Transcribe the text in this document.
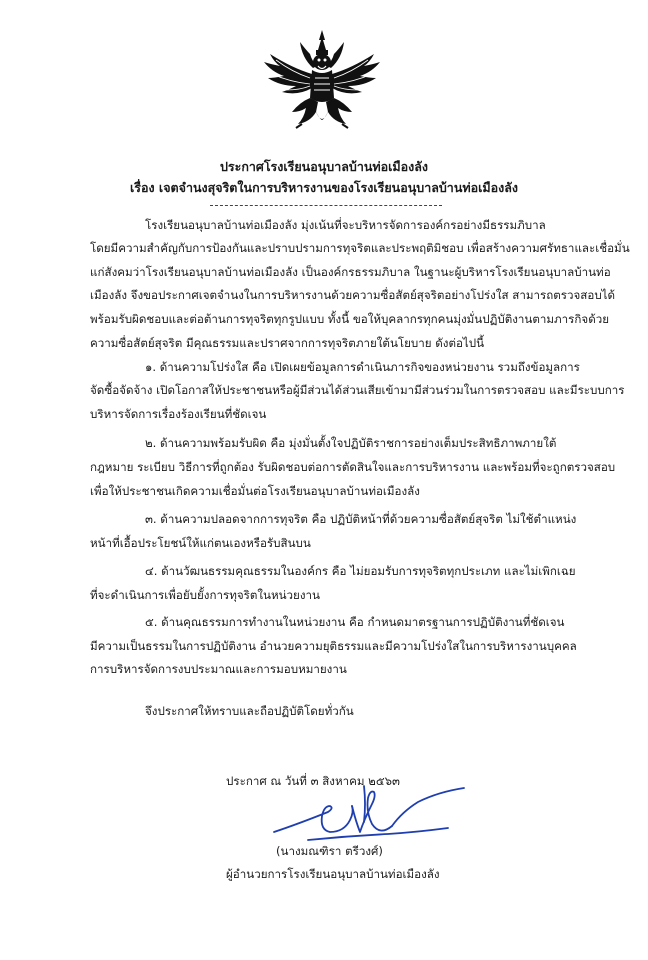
ประกาศโรงเรียนอนุบาลบ้านท่อเมืองลัง
เรื่อง เจตจำนงสุจริตในการบริหารงานของโรงเรียนอนุบาลบ้านท่อเมืองลัง
โรงเรียนอนุบาลบ้านท่อเมืองลัง มุ่งเน้นที่จะบริหารจัดการองค์กรอย่างมีธรรมภิบาล
โดยมีความสำคัญกับการป้องกันและปราบปรามการทุจริตและประพฤติมิชอบ เพื่อสร้างความศรัทธาและเชื่อมั่น
แก่สังคมว่าโรงเรียนอนุบาลบ้านท่อเมืองลัง เป็นองค์กรธรรมภิบาล ในฐานะผู้บริหารโรงเรียนอนุบาลบ้านท่อ
เมืองลัง จึงขอประกาศเจตจำนงในการบริหารงานด้วยความซื่อสัตย์สุจริตอย่างโปร่งใส สามารถตรวจสอบได้
พร้อมรับผิดชอบและต่อต้านการทุจริตทุกรูปแบบ ทั้งนี้ ขอให้บุคลากรทุกคนมุ่งมั่นปฏิบัติงานตามภารกิจด้วย
ความซื่อสัตย์สุจริต มีคุณธรรมและปราศจากการทุจริตภายใต้นโยบาย ดังต่อไปนี้
๑. ด้านความโปร่งใส คือ เปิดเผยข้อมูลการดำเนินภารกิจของหน่วยงาน รวมถึงข้อมูลการ
จัดซื้อจัดจ้าง เปิดโอกาสให้ประชาชนหรือผู้มีส่วนได้ส่วนเสียเข้ามามีส่วนร่วมในการตรวจสอบ และมีระบบการ
บริหารจัดการเรื่องร้องเรียนที่ชัดเจน
๒. ด้านความพร้อมรับผิด คือ มุ่งมั่นตั้งใจปฏิบัติราชการอย่างเต็มประสิทธิภาพภายใต้
กฎหมาย ระเบียบ วิธีการที่ถูกต้อง รับผิดชอบต่อการตัดสินใจและการบริหารงาน และพร้อมที่จะถูกตรวจสอบ
เพื่อให้ประชาชนเกิดความเชื่อมั่นต่อโรงเรียนอนุบาลบ้านท่อเมืองลัง
๓. ด้านความปลอดจากการทุจริต คือ ปฏิบัติหน้าที่ด้วยความซื่อสัตย์สุจริต ไม่ใช้ตำแหน่ง
หน้าที่เอื้อประโยชน์ให้แก่ตนเองหรือรับสินบน
๔. ด้านวัฒนธรรมคุณธรรมในองค์กร คือ ไม่ยอมรับการทุจริตทุกประเภท และไม่เพิกเฉย
ที่จะดำเนินการเพื่อยับยั้งการทุจริตในหน่วยงาน
๕. ด้านคุณธรรมการทำงานในหน่วยงาน คือ กำหนดมาตรฐานการปฏิบัติงานที่ชัดเจน
มีความเป็นธรรมในการปฏิบัติงาน อำนวยความยุติธรรมและมีความโปร่งใสในการบริหารงานบุคคล
การบริหารจัดการงบประมาณและการมอบหมายงาน
จึงประกาศให้ทราบและถือปฏิบัติโดยทั่วกัน
ประกาศ ณ วันที่ ๓ สิงหาคม ๒๕๖๓
(นางมณฑิรา ตรีวงศ์)
ผู้อำนวยการโรงเรียนอนุบาลบ้านท่อเมืองลัง
